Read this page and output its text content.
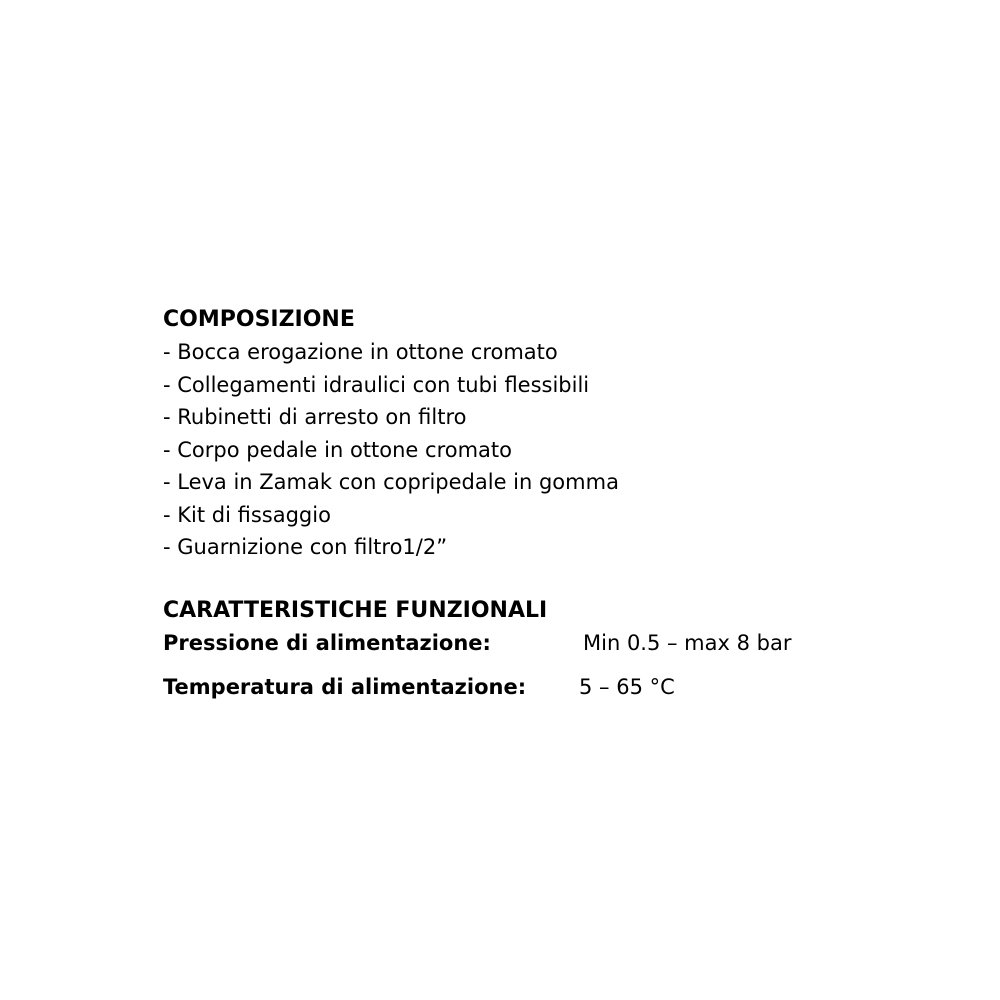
COMPOSIZIONE
- Bocca erogazione in ottone cromato
- Collegamenti idraulici con tubi flessibili
- Rubinetti di arresto on filtro
- Corpo pedale in ottone cromato
- Leva in Zamak con copripedale in gomma
- Kit di fissaggio
- Guarnizione con filtro1/2”
CARATTERISTICHE FUNZIONALI
Pressione di alimentazione:	Min 0.5 – max 8 bar
Temperatura di alimentazione:	5 – 65 °C
